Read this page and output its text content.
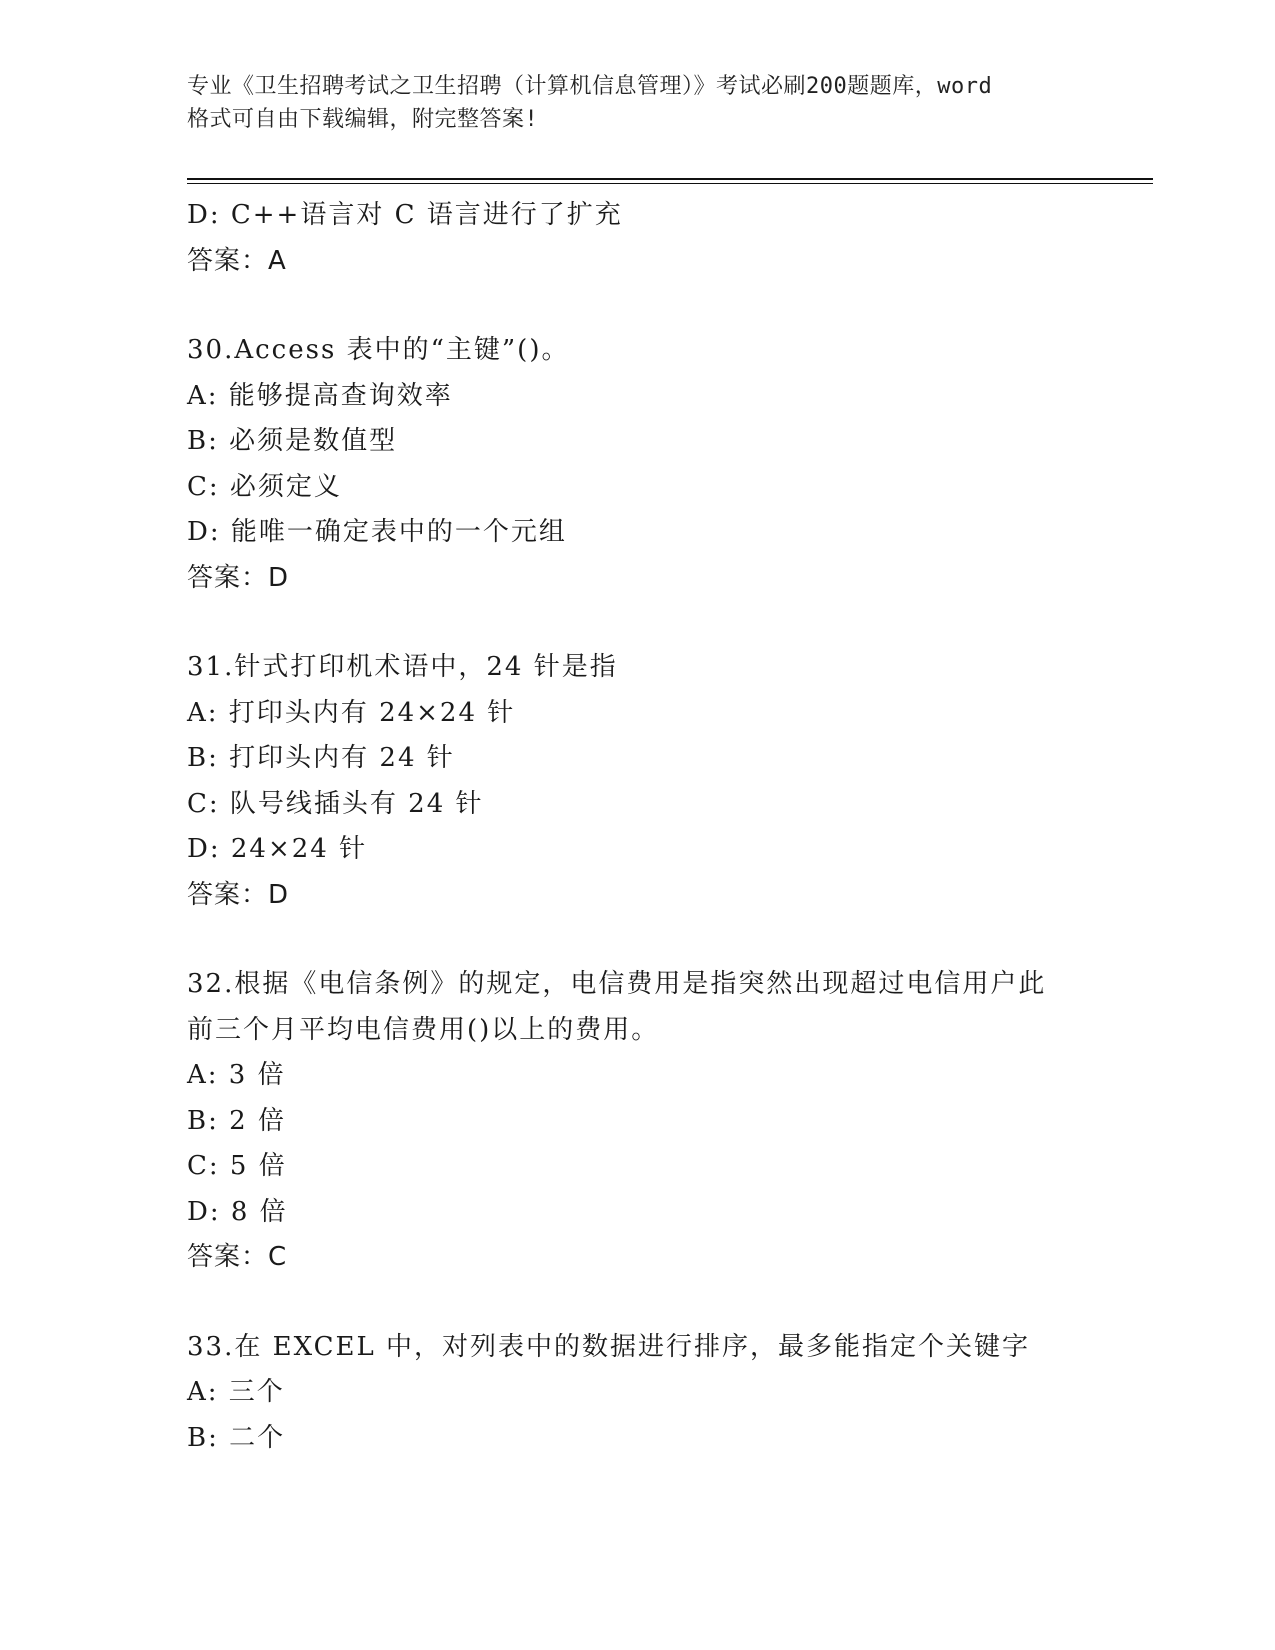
专业《卫生招聘考试之卫生招聘（计算机信息管理）》考试必刷200题题库，word
格式可自由下载编辑，附完整答案!
D: C++语言对 C 语言进行了扩充
答案：A
30.Access 表中的“主键”()。
A: 能够提高查询效率
B: 必须是数值型
C: 必须定义
D: 能唯一确定表中的一个元组
答案：D
31.针式打印机术语中，24 针是指
A: 打印头内有 24×24 针
B: 打印头内有 24 针
C: 队号线插头有 24 针
D: 24×24 针
答案：D
32.根据《电信条例》的规定，电信费用是指突然出现超过电信用户此
前三个月平均电信费用()以上的费用。
A: 3 倍
B: 2 倍
C: 5 倍
D: 8 倍
答案：C
33.在 EXCEL 中，对列表中的数据进行排序，最多能指定个关键字
A: 三个
B: 二个
